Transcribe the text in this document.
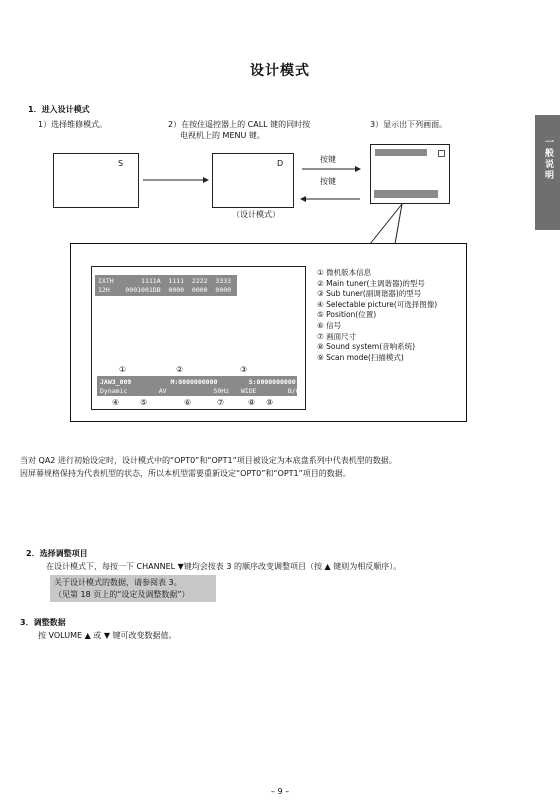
设计模式
一般说明
1．进入设计模式
1）选择维修模式。	2）在按住遥控器上的 CALL 键的同时按
电视机上的 MENU 键。
3）显示出下列画面。
S	D	按键
按键
（设计模式）
IXTH       1111A  1111  2222  3333  4444
12H    0001001DB  0000  0000  0000  0000
①	②	③
JAW3_009          M:0000000000        S:0000000000
Dynamic        AV            50Hz   WIDE        B/G   100Hz
④	⑤	⑥	⑦	⑧ ⑨
① 微机版本信息
② Main tuner(主调谐器)的型号
③ Sub tuner(副调谐器)的型号
④ Selectable picture(可选择图像)
⑤ Position(位置)
⑥ 信号
⑦ 画面尺寸
⑧ Sound system(音响系统)
⑨ Scan mode(扫描模式)
当对 QA2 进行初始设定时，设计模式中的“OPT0”和“OPT1”项目被设定为本底盘系列中代表机型的数据。
因屏幕规格保持为代表机型的状态，所以本机型需要重新设定“OPT0”和“OPT1”项目的数据。
2．选择调整项目
在设计模式下，每按一下 CHANNEL ▼键均会按表 3 的顺序改变调整项目（按 ▲ 键则为相反顺序）。
关于设计模式的数据，请参阅表 3。
（见第 18 页上的“设定及调整数据”）
3．调整数据
按 VOLUME ▲ 或 ▼ 键可改变数据值。
– 9 –
